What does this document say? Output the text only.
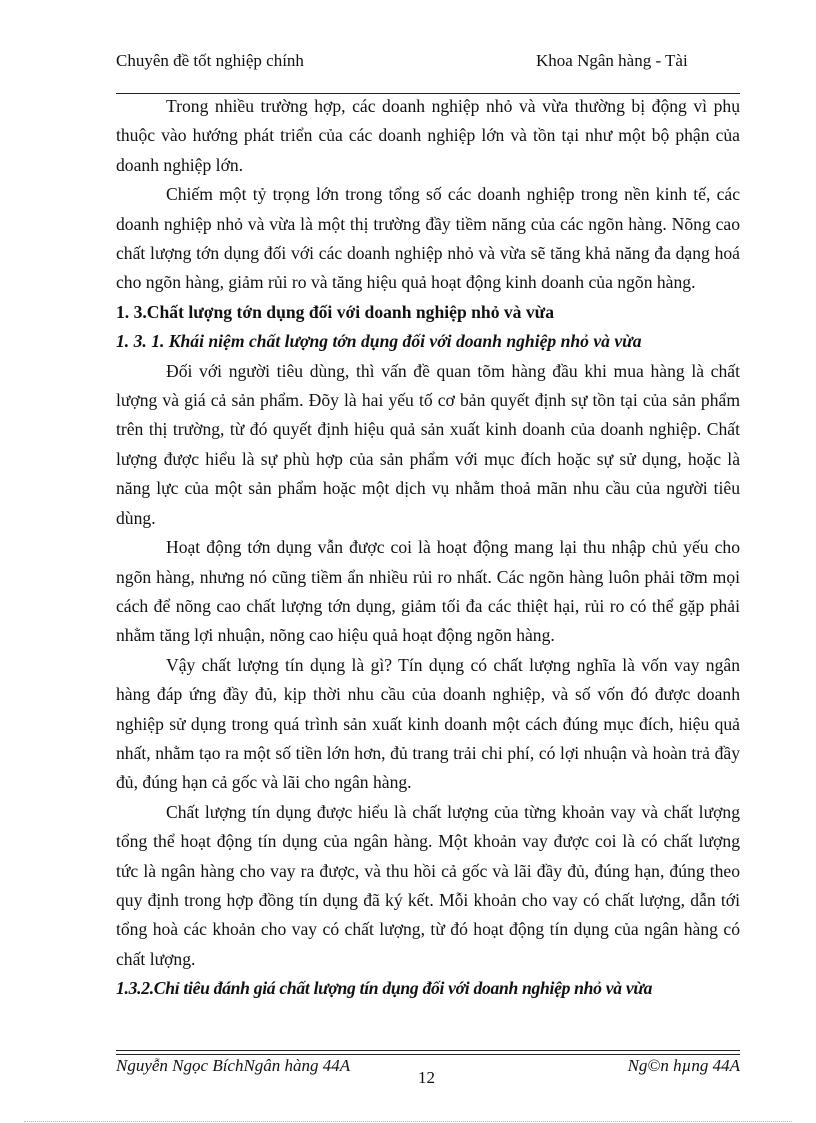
Chuyên đề tốt nghiệp chính	Khoa Ngân hàng - Tài

Trong nhiều trường hợp, các doanh nghiệp nhỏ và vừa thường bị động vì phụ thuộc vào hướng phát triển của các doanh nghiệp lớn và tồn tại như một bộ phận của doanh nghiệp lớn.

Chiếm một tỷ trọng lớn trong tổng số các doanh nghiệp trong nền kinh tế, các doanh nghiệp nhỏ và vừa là một thị trường đầy tiềm năng của các ngõn hàng. Nõng cao chất lượng tớn dụng đối với các doanh nghiệp nhỏ và vừa sẽ tăng khả năng đa dạng hoá cho ngõn hàng, giảm rủi ro và tăng hiệu quả hoạt động kinh doanh của ngõn hàng.

1. 3.Chất lượng tớn dụng đối với doanh nghiệp nhỏ và vừa
1. 3. 1. Khái niệm chất lượng tớn dụng đối với doanh nghiệp nhỏ và vừa

Đối với người tiêu dùng, thì vấn đề quan tõm hàng đầu khi mua hàng là chất lượng và giá cả sản phẩm. Đõy là hai yếu tố cơ bản quyết định sự tồn tại của sản phẩm trên thị trường, từ đó quyết định hiệu quả sản xuất kinh doanh của doanh nghiệp. Chất lượng được hiểu là sự phù hợp của sản phẩm với mục đích hoặc sự sử dụng, hoặc là năng lực của một sản phẩm hoặc một dịch vụ nhằm thoả mãn nhu cầu của người tiêu dùng.

Hoạt động tớn dụng vẫn được coi là hoạt động mang lại thu nhập chủ yếu cho ngõn hàng, nhưng nó cũng tiềm ẩn nhiều rủi ro nhất. Các ngõn hàng luôn phải tỡm mọi cách để nõng cao chất lượng tớn dụng, giảm tối đa các thiệt hại, rủi ro có thể gặp phải nhằm tăng lợi nhuận, nõng cao hiệu quả hoạt động ngõn hàng.

Vậy chất lượng tín dụng là gì? Tín dụng có chất lượng nghĩa là vốn vay ngân hàng đáp ứng đầy đủ, kịp thời nhu cầu của doanh nghiệp, và số vốn đó được doanh nghiệp sử dụng trong quá trình sản xuất kinh doanh một cách đúng mục đích, hiệu quả nhất, nhằm tạo ra một số tiền lớn hơn, đủ trang trải chi phí, có lợi nhuận và hoàn trả đầy đủ, đúng hạn cả gốc và lãi cho ngân hàng.

Chất lượng tín dụng được hiểu là chất lượng của từng khoản vay và chất lượng tổng thể hoạt động tín dụng của ngân hàng. Một khoản vay được coi là có chất lượng tức là ngân hàng cho vay ra được, và thu hồi cả gốc và lãi đầy đủ, đúng hạn, đúng theo quy định trong hợp đồng tín dụng đã ký kết. Mỗi khoản cho vay có chất lượng, dẫn tới tổng hoà các khoản cho vay có chất lượng, từ đó hoạt động tín dụng của ngân hàng có chất lượng.

1.3.2.Chỉ tiêu đánh giá chất lượng tín dụng đối với doanh nghiệp nhỏ và vừa
Nguyễn Ngọc BíchNgân hàng 44A
12
Ng©n hµng 44A
